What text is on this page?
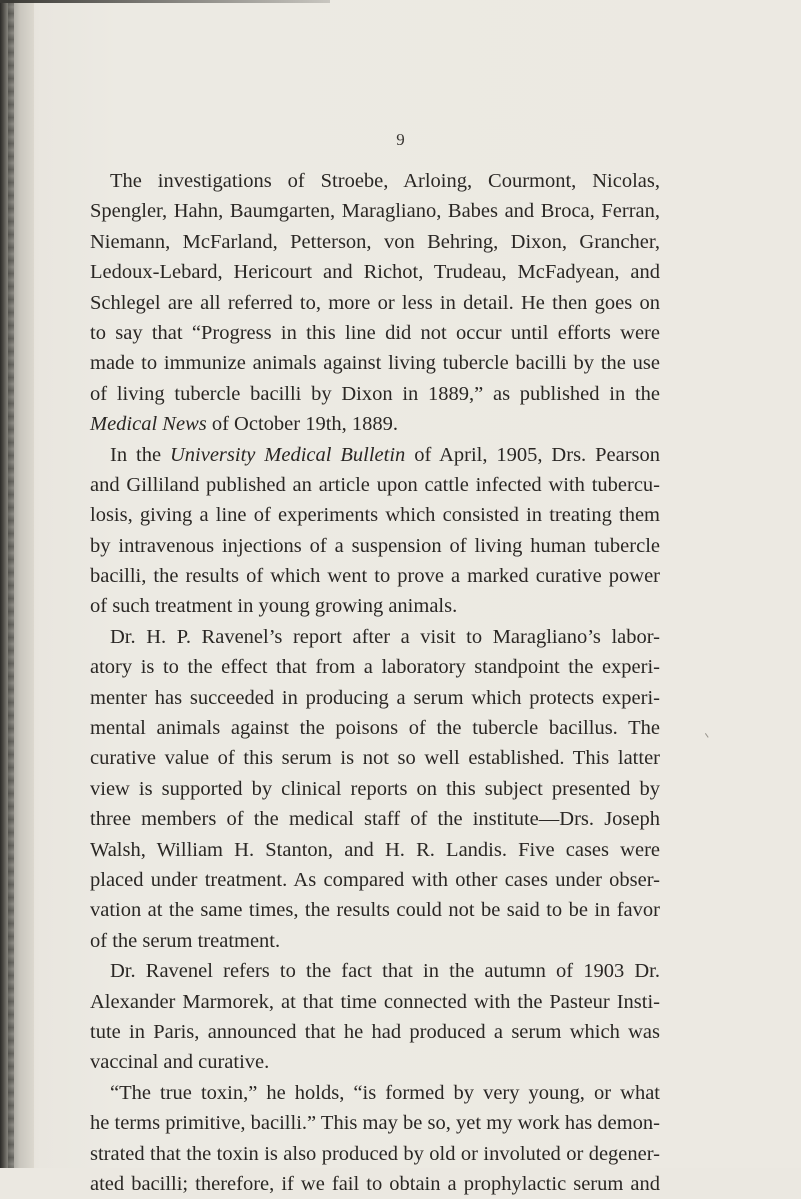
9
The investigations of Stroebe, Arloing, Courmont, Nicolas,
Spengler, Hahn, Baumgarten, Maragliano, Babes and Broca, Ferran,
Niemann, McFarland, Petterson, von Behring, Dixon, Grancher,
Ledoux-Lebard, Hericourt and Richot, Trudeau, McFadyean, and
Schlegel are all referred to, more or less in detail. He then goes on
to say that “Progress in this line did not occur until efforts were
made to immunize animals against living tubercle bacilli by the use
of living tubercle bacilli by Dixon in 1889,” as published in the
Medical News of October 19th, 1889.
In the University Medical Bulletin of April, 1905, Drs. Pearson
and Gilliland published an article upon cattle infected with tubercu-
losis, giving a line of experiments which consisted in treating them
by intravenous injections of a suspension of living human tubercle
bacilli, the results of which went to prove a marked curative power
of such treatment in young growing animals.
Dr. H. P. Ravenel’s report after a visit to Maragliano’s labor-
atory is to the effect that from a laboratory standpoint the experi-
menter has succeeded in producing a serum which protects experi-
mental animals against the poisons of the tubercle bacillus. The
curative value of this serum is not so well established. This latter
view is supported by clinical reports on this subject presented by
three members of the medical staff of the institute—Drs. Joseph
Walsh, William H. Stanton, and H. R. Landis. Five cases were
placed under treatment. As compared with other cases under obser-
vation at the same times, the results could not be said to be in favor
of the serum treatment.
Dr. Ravenel refers to the fact that in the autumn of 1903 Dr.
Alexander Marmorek, at that time connected with the Pasteur Insti-
tute in Paris, announced that he had produced a serum which was
vaccinal and curative.
“The true toxin,” he holds, “is formed by very young, or what
he terms primitive, bacilli.” This may be so, yet my work has demon-
strated that the toxin is also produced by old or involuted or degener-
ated bacilli; therefore, if we fail to obtain a prophylactic serum and
